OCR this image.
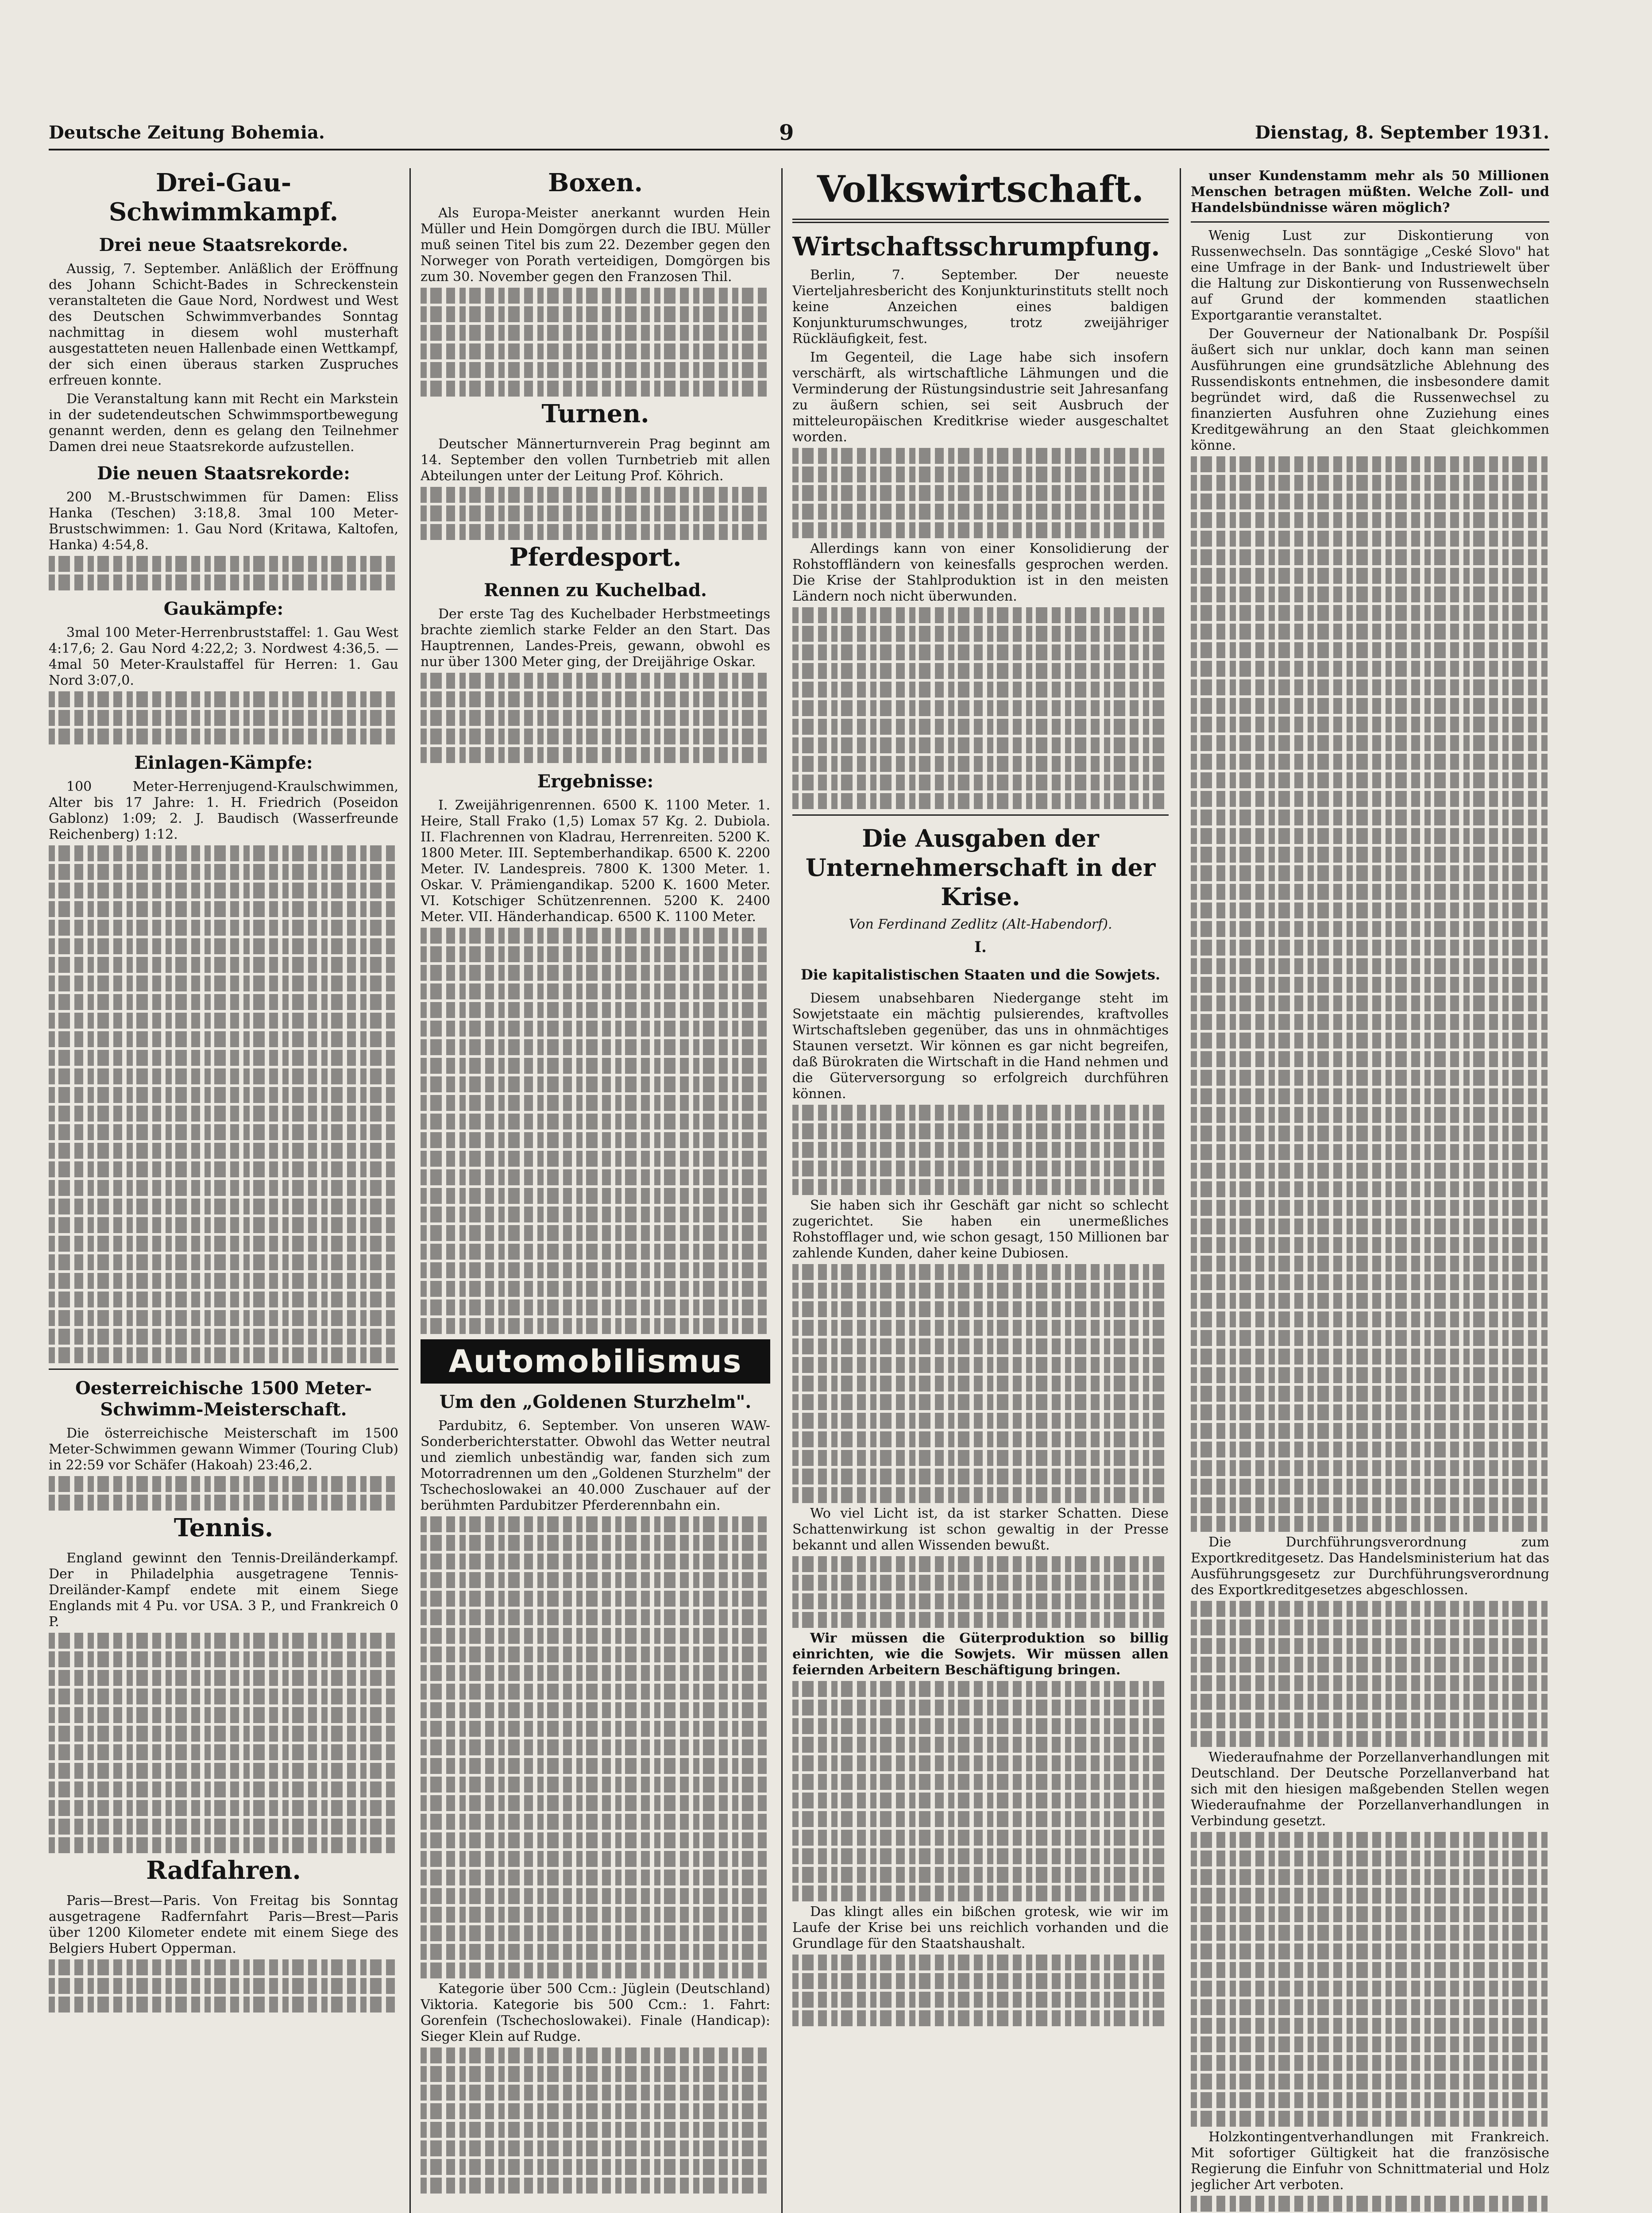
Deutsche Zeitung Bohemia.	9	Dienstag, 8. September 1931.
Drei-Gau-Schwimmkampf.
Drei neue Staatsrekorde.

Aussig, 7. September. Anläßlich der Eröffnung des Johann Schicht-Bades in Schreckenstein veranstalteten die Gaue Nord, Nordwest und West des Deutschen Schwimmverbandes Sonntag nachmittag in diesem wohl musterhaft ausgestatteten neuen Hallenbade einen Wettkampf, der sich einen überaus starken Zuspruches erfreuen konnte.

Die Veranstaltung kann mit Recht ein Markstein in der sudetendeutschen Schwimmsportbewegung genannt werden, denn es gelang den Teilnehmer Damen drei neue Staatsrekorde aufzustellen.

Die neuen Staatsrekorde:

200 M.-Brustschwimmen für Damen: Eliss Hanka (Teschen) 3:18,8. 3mal 100 Meter-Brustschwimmen: 1. Gau Nord (Kritawa, Kaltofen, Hanka) 4:54,8.

Gaukämpfe:

3mal 100 Meter-Herrenbruststaffel: 1. Gau West 4:17,6; 2. Gau Nord 4:22,2; 3. Nordwest 4:36,5. — 4mal 50 Meter-Kraulstaffel für Herren: 1. Gau Nord 3:07,0.

Einlagen-Kämpfe:

100 Meter-Herrenjugend-Kraulschwimmen, Alter bis 17 Jahre: 1. H. Friedrich (Poseidon Gablonz) 1:09; 2. J. Baudisch (Wasserfreunde Reichenberg) 1:12.

Oesterreichische 1500 Meter-Schwimm-Meisterschaft.

Die österreichische Meisterschaft im 1500 Meter-Schwimmen gewann Wimmer (Touring Club) in 22:59 vor Schäfer (Hakoah) 23:46,2.

Tennis.

England gewinnt den Tennis-Dreiländerkampf. Der in Philadelphia ausgetragene Tennis-Dreiländer-Kampf endete mit einem Siege Englands mit 4 Pu. vor USA. 3 P., und Frankreich 0 P.

Radfahren.

Paris—Brest—Paris. Von Freitag bis Sonntag ausgetragene Radfernfahrt Paris—Brest—Paris über 1200 Kilometer endete mit einem Siege des Belgiers Hubert Opperman.

Boxen.

Als Europa-Meister anerkannt wurden Hein Müller und Hein Domgörgen durch die IBU. Müller muß seinen Titel bis zum 22. Dezember gegen den Norweger von Porath verteidigen, Domgörgen bis zum 30. November gegen den Franzosen Thil.

Turnen.

Deutscher Männerturnverein Prag beginnt am 14. September den vollen Turnbetrieb mit allen Abteilungen unter der Leitung Prof. Köhrich.

Pferdesport.
Rennen zu Kuchelbad.

Der erste Tag des Kuchelbader Herbstmeetings brachte ziemlich starke Felder an den Start. Das Hauptrennen, Landes-Preis, gewann, obwohl es nur über 1300 Meter ging, der Dreijährige Oskar.

Ergebnisse:

I. Zweijährigenrennen. 6500 K. 1100 Meter. 1. Heire, Stall Frako (1,5) Lomax 57 Kg. 2. Dubiola. II. Flachrennen von Kladrau, Herrenreiten. 5200 K. 1800 Meter. III. Septemberhandikap. 6500 K. 2200 Meter. IV. Landespreis. 7800 K. 1300 Meter. 1. Oskar. V. Prämiengandikap. 5200 K. 1600 Meter. VI. Kotschiger Schützenrennen. 5200 K. 2400 Meter. VII. Händerhandicap. 6500 K. 1100 Meter.

Automobilismus
Um den „Goldenen Sturzhelm".

Pardubitz, 6. September. Von unseren WAW-Sonderberichterstatter. Obwohl das Wetter neutral und ziemlich unbeständig war, fanden sich zum Motorradrennen um den „Goldenen Sturzhelm" der Tschechoslowakei an 40.000 Zuschauer auf der berühmten Pardubitzer Pferderennbahn ein.

Kategorie über 500 Ccm.: Jüglein (Deutschland) Viktoria. Kategorie bis 500 Ccm.: 1. Fahrt: Gorenfein (Tschechoslowakei). Finale (Handicap): Sieger Klein auf Rudge.

Volkswirtschaft.
Wirtschaftsschrumpfung.

Berlin, 7. September. Der neueste Vierteljahresbericht des Konjunkturinstituts stellt noch keine Anzeichen eines baldigen Konjunkturumschwunges, trotz zweijähriger Rückläufigkeit, fest.

Im Gegenteil, die Lage habe sich insofern verschärft, als wirtschaftliche Lähmungen und die Verminderung der Rüstungsindustrie seit Jahresanfang zu äußern schien, sei seit Ausbruch der mitteleuropäischen Kreditkrise wieder ausgeschaltet worden.

Allerdings kann von einer Konsolidierung der Rohstoffländern von keinesfalls gesprochen werden. Die Krise der Stahlproduktion ist in den meisten Ländern noch nicht überwunden.

Die Ausgaben der Unternehmerschaft in der Krise.

Von Ferdinand Zedlitz (Alt-Habendorf).

I.
Die kapitalistischen Staaten und die Sowjets.

Diesem unabsehbaren Niedergange steht im Sowjetstaate ein mächtig pulsierendes, kraftvolles Wirtschaftsleben gegenüber, das uns in ohnmächtiges Staunen versetzt. Wir können es gar nicht begreifen, daß Bürokraten die Wirtschaft in die Hand nehmen und die Güterversorgung so erfolgreich durchführen können.

Sie haben sich ihr Geschäft gar nicht so schlecht zugerichtet. Sie haben ein unermeßliches Rohstofflager und, wie schon gesagt, 150 Millionen bar zahlende Kunden, daher keine Dubiosen.

Wo viel Licht ist, da ist starker Schatten. Diese Schattenwirkung ist schon gewaltig in der Presse bekannt und allen Wissenden bewußt.

Wir müssen die Güterproduktion so billig einrichten, wie die Sowjets. Wir müssen allen feiernden Arbeitern Beschäftigung bringen.

Das klingt alles ein bißchen grotesk, wie wir im Laufe der Krise bei uns reichlich vorhanden und die Grundlage für den Staatshaushalt.

unser Kundenstamm mehr als 50 Millionen Menschen betragen müßten. Welche Zoll- und Handelsbündnisse wären möglich?

Wenig Lust zur Diskontierung von Russenwechseln. Das sonntägige „Ceské Slovo" hat eine Umfrage in der Bank- und Industriewelt über die Haltung zur Diskontierung von Russenwechseln auf Grund der kommenden staatlichen Exportgarantie veranstaltet.

Der Gouverneur der Nationalbank Dr. Pospíšil äußert sich nur unklar, doch kann man seinen Ausführungen eine grundsätzliche Ablehnung des Russendiskonts entnehmen, die insbesondere damit begründet wird, daß die Russenwechsel zu finanzierten Ausfuhren ohne Zuziehung eines Kreditgewährung an den Staat gleichkommen könne.

Die Durchführungsverordnung zum Exportkreditgesetz. Das Handelsministerium hat das Ausführungsgesetz zur Durchführungsverordnung des Exportkreditgesetzes abgeschlossen.

Wiederaufnahme der Porzellanverhandlungen mit Deutschland. Der Deutsche Porzellanverband hat sich mit den hiesigen maßgebenden Stellen wegen Wiederaufnahme der Porzellanverhandlungen in Verbindung gesetzt.

Holzkontingentverhandlungen mit Frankreich. Mit sofortiger Gültigkeit hat die französische Regierung die Einfuhr von Schnittmaterial und Holz jeglicher Art verboten.
